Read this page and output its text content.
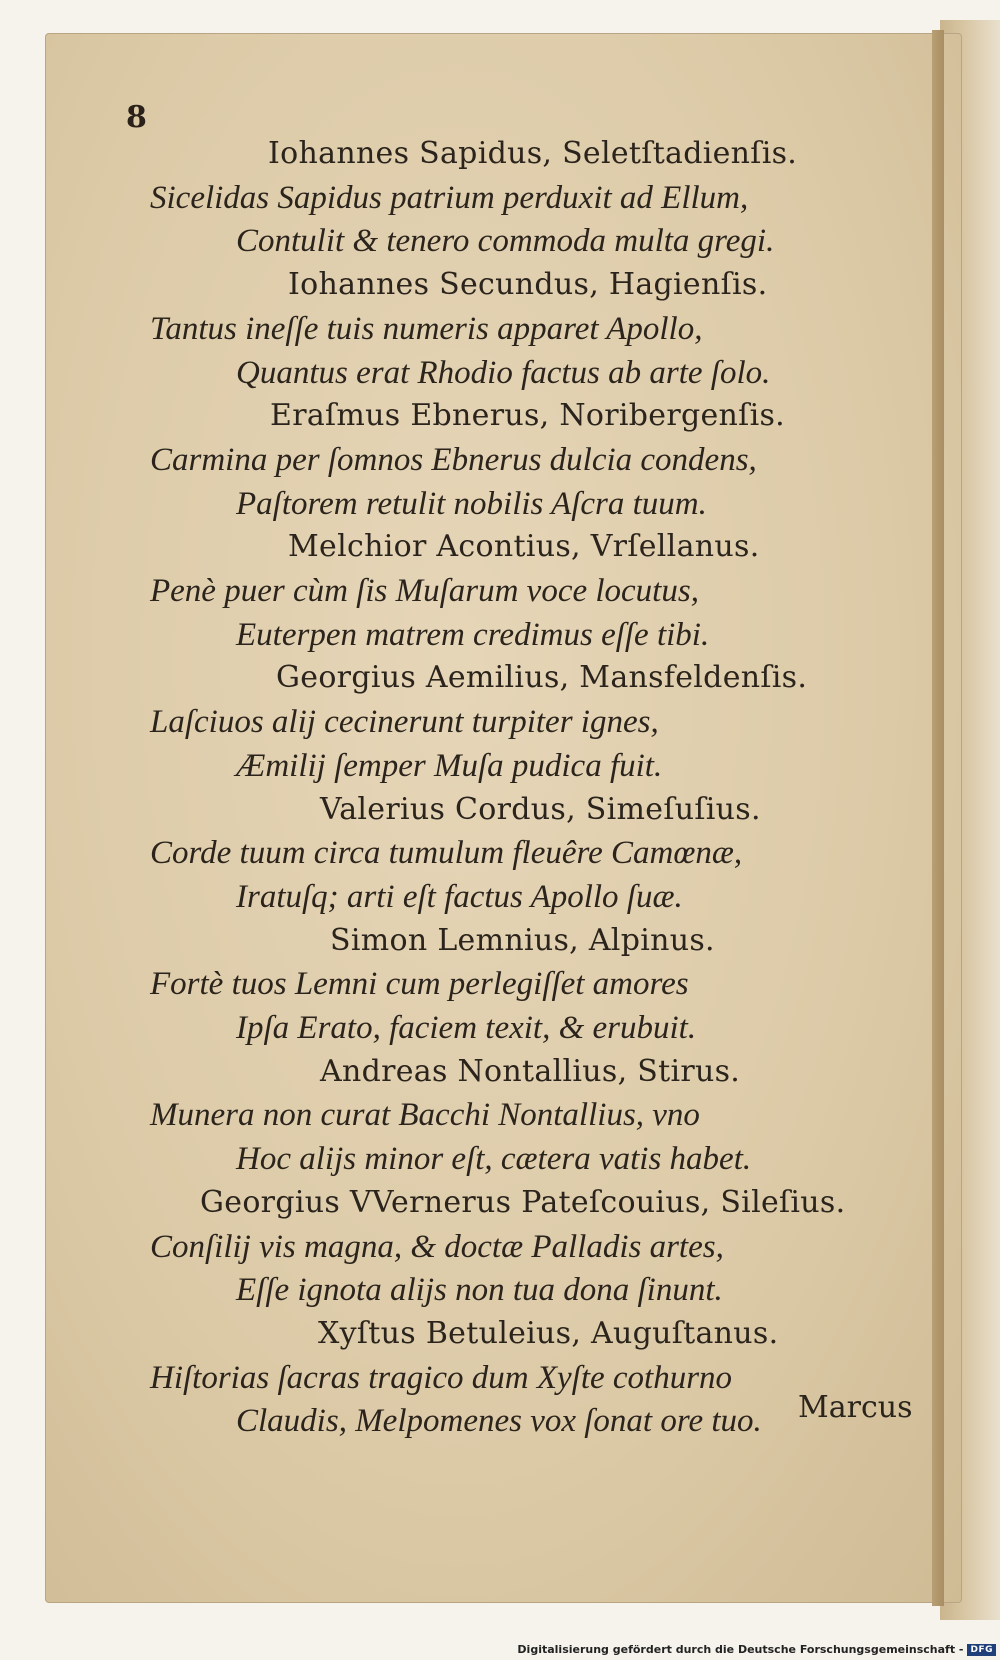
8
Iohannes Sapidus, Seletſtadienſis.
Sicelidas Sapidus patrium perduxit ad Ellum,
Contulit & tenero commoda multa gregi.
Iohannes Secundus, Hagienſis.
Tantus ineſſe tuis numeris apparet Apollo,
Quantus erat Rhodio factus ab arte ſolo.
Eraſmus Ebnerus, Noribergenſis.
Carmina per ſomnos Ebnerus dulcia condens,
Paſtorem retulit nobilis Aſcra tuum.
Melchior Acontius, Vrſellanus.
Penè puer cùm ſis Muſarum voce locutus,
Euterpen matrem credimus eſſe tibi.
Georgius Aemilius, Mansfeldenſis.
Laſciuos alij cecinerunt turpiter ignes,
Æmilij ſemper Muſa pudica fuit.
Valerius Cordus, Simeſuſius.
Corde tuum circa tumulum fleuêre Camœnæ,
Iratuſq; arti eſt factus Apollo ſuæ.
Simon Lemnius, Alpinus.
Fortè tuos Lemni cum perlegiſſet amores
Ipſa Erato, faciem texit, & erubuit.
Andreas Nontallius, Stirus.
Munera non curat Bacchi Nontallius, vno
Hoc alijs minor eſt, cætera vatis habet.
Georgius VVernerus Pateſcouius, Sileſius.
Conſilij vis magna, & doctæ Palladis artes,
Eſſe ignota alijs non tua dona ſinunt.
Xyſtus Betuleius, Auguſtanus.
Hiſtorias ſacras tragico dum Xyſte cothurno
Claudis, Melpomenes vox ſonat ore tuo. Marcus
Digitalisierung gefördert durch die Deutsche Forschungsgemeinschaft - DFG
